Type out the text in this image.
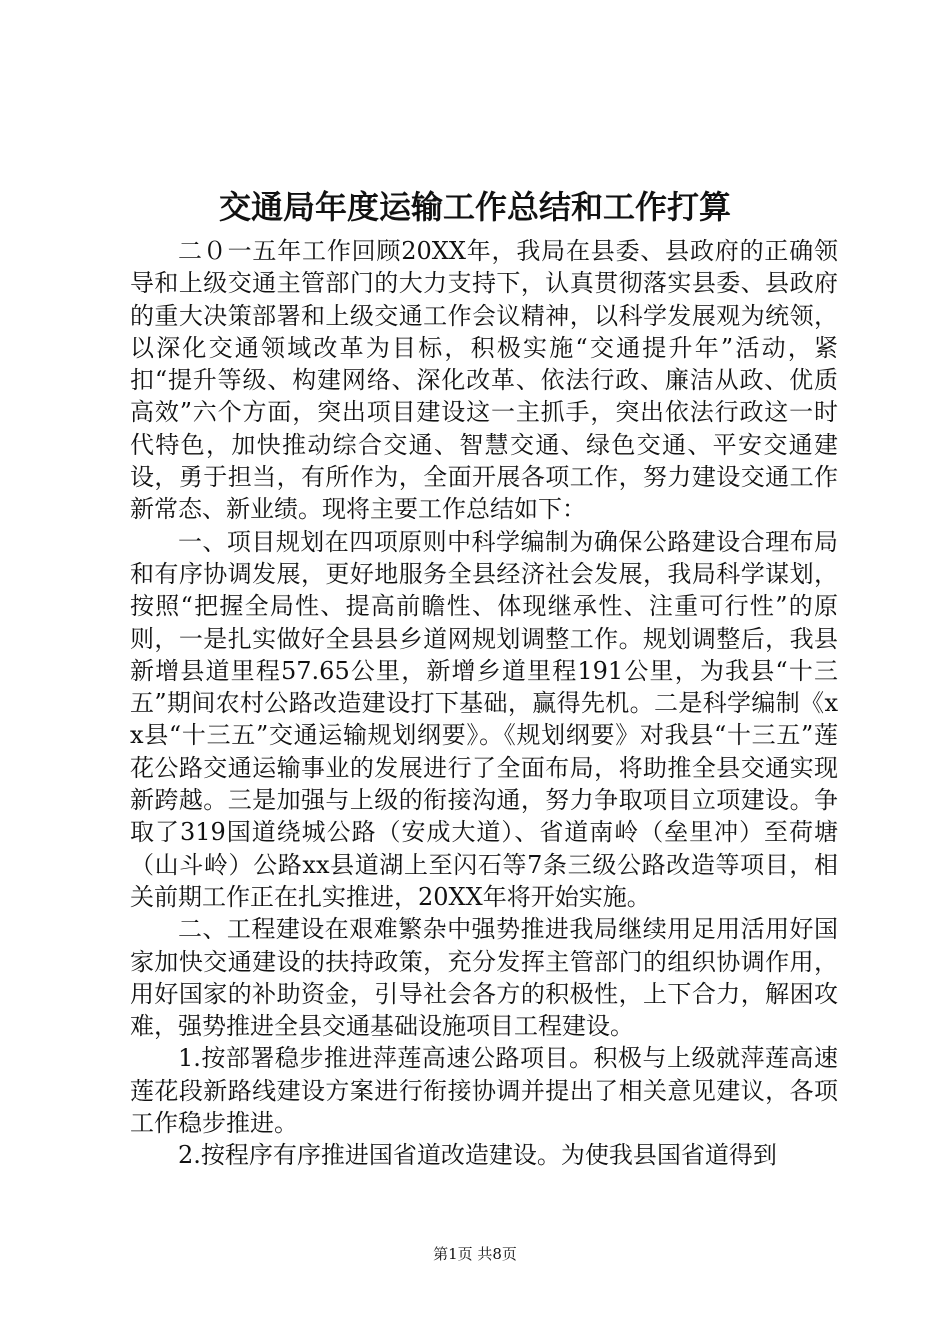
交通局年度运输工作总结和工作打算

二０一五年工作回顾20XX年，我局在县委、县政府的正确领导和上级交通主管部门的大力支持下，认真贯彻落实县委、县政府的重大决策部署和上级交通工作会议精神，以科学发展观为统领，以深化交通领域改革为目标，积极实施“交通提升年”活动，紧扣“提升等级、构建网络、深化改革、依法行政、廉洁从政、优质高效”六个方面，突出项目建设这一主抓手，突出依法行政这一时代特色，加快推动综合交通、智慧交通、绿色交通、平安交通建设，勇于担当，有所作为，全面开展各项工作，努力建设交通工作新常态、新业绩。现将主要工作总结如下：

一、项目规划在四项原则中科学编制为确保公路建设合理布局和有序协调发展，更好地服务全县经济社会发展，我局科学谋划，按照“把握全局性、提高前瞻性、体现继承性、注重可行性”的原则，一是扎实做好全县县乡道网规划调整工作。规划调整后，我县新增县道里程57.65公里，新增乡道里程191公里，为我县“十三五”期间农村公路改造建设打下基础，赢得先机。二是科学编制《xx县“十三五”交通运输规划纲要》。《规划纲要》对我县“十三五”莲花公路交通运输事业的发展进行了全面布局，将助推全县交通实现新跨越。三是加强与上级的衔接沟通，努力争取项目立项建设。争取了319国道绕城公路（安成大道）、省道南岭（垒里冲）至荷塘（山斗岭）公路xx县道湖上至闪石等7条三级公路改造等项目，相关前期工作正在扎实推进，20XX年将开始实施。

二、工程建设在艰难繁杂中强势推进我局继续用足用活用好国家加快交通建设的扶持政策，充分发挥主管部门的组织协调作用，用好国家的补助资金，引导社会各方的积极性，上下合力，解困攻难，强势推进全县交通基础设施项目工程建设。

1.按部署稳步推进萍莲高速公路项目。积极与上级就萍莲高速莲花段新路线建设方案进行衔接协调并提出了相关意见建议，各项工作稳步推进。

2.按程序有序推进国省道改造建设。为使我县国省道得到

第1页 共8页
